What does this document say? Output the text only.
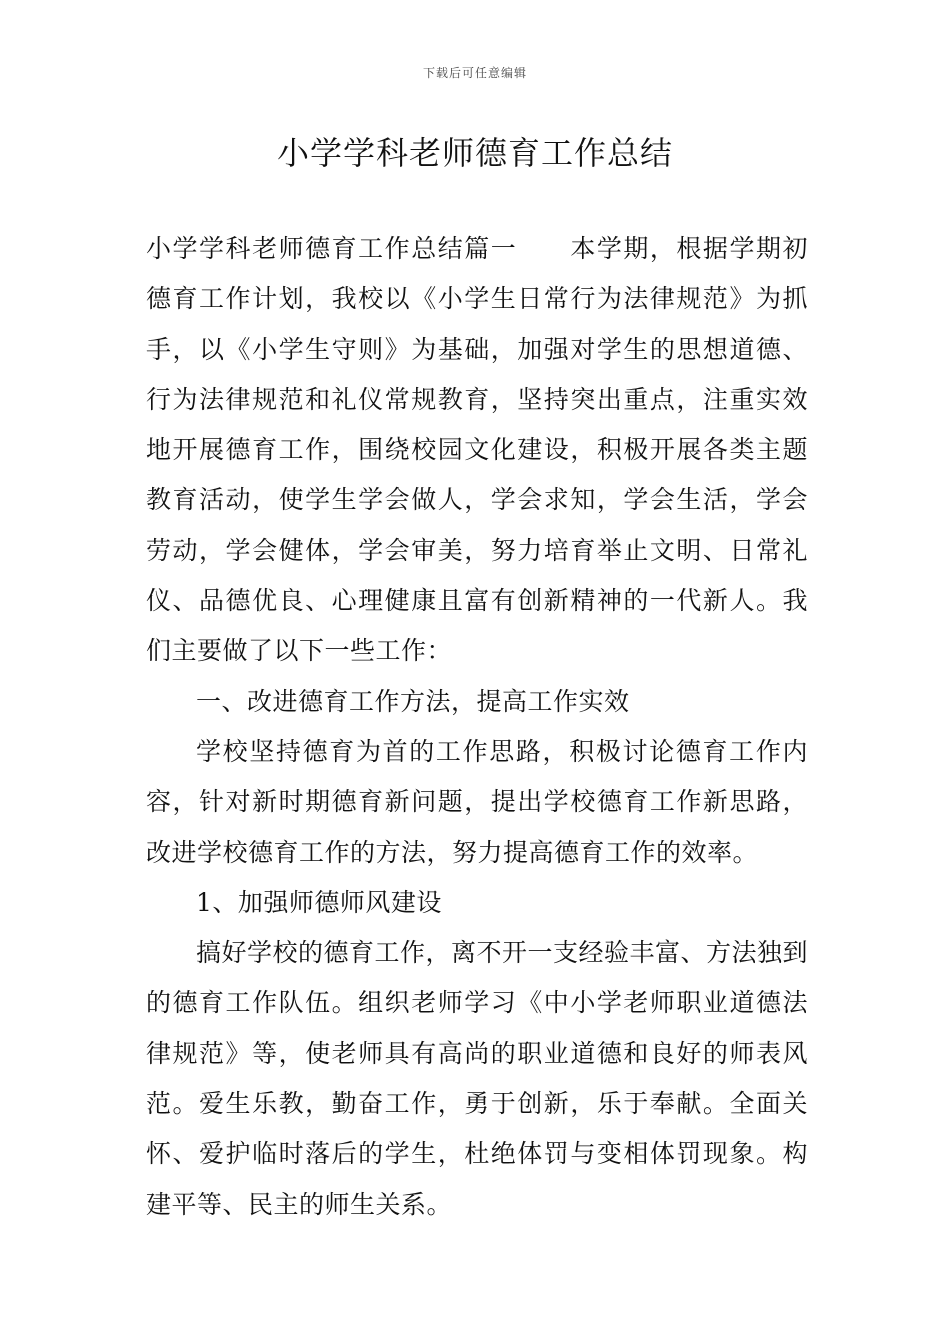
下载后可任意编辑
小学学科老师德育工作总结

小学学科老师德育工作总结篇一 本学期，根据学期初德育工作计划，我校以《小学生日常行为法律规范》为抓手，以《小学生守则》为基础，加强对学生的思想道德、行为法律规范和礼仪常规教育，坚持突出重点，注重实效地开展德育工作，围绕校园文化建设，积极开展各类主题教育活动，使学生学会做人，学会求知，学会生活，学会劳动，学会健体，学会审美，努力培育举止文明、日常礼仪、品德优良、心理健康且富有创新精神的一代新人。我们主要做了以下一些工作：

一、改进德育工作方法，提高工作实效

学校坚持德育为首的工作思路，积极讨论德育工作内容，针对新时期德育新问题，提出学校德育工作新思路，改进学校德育工作的方法，努力提高德育工作的效率。

1、加强师德师风建设

搞好学校的德育工作，离不开一支经验丰富、方法独到的德育工作队伍。组织老师学习《中小学老师职业道德法律规范》等，使老师具有高尚的职业道德和良好的师表风范。爱生乐教，勤奋工作，勇于创新，乐于奉献。全面关怀、爱护临时落后的学生，杜绝体罚与变相体罚现象。构建平等、民主的师生关系。
